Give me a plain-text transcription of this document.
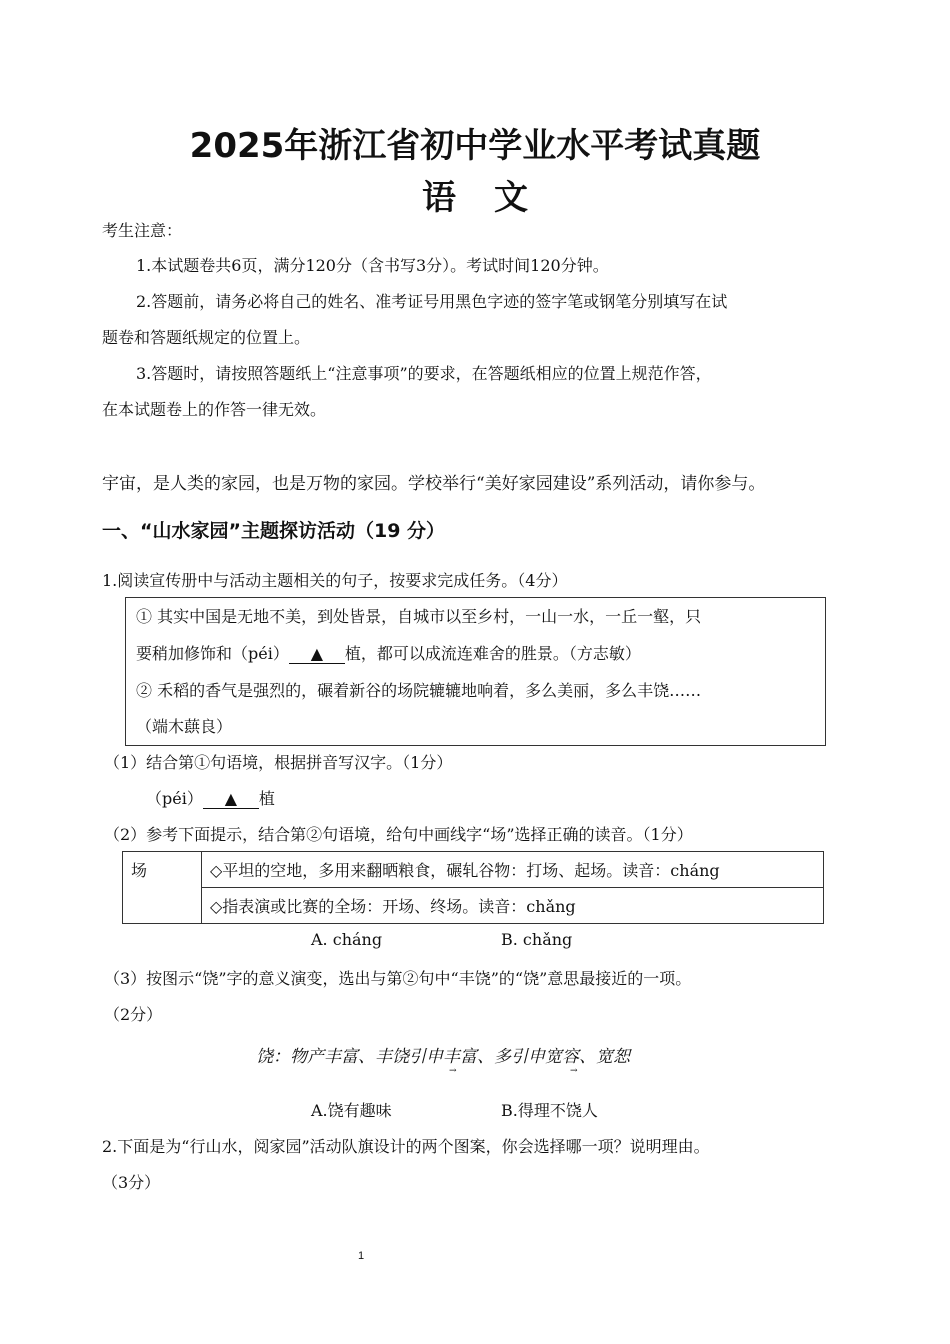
2025年浙江省初中学业水平考试真题
语文
考生注意：
1.本试题卷共6页，满分120分（含书写3分）。考试时间120分钟。
2.答题前，请务必将自己的姓名、准考证号用黑色字迹的签字笔或钢笔分别填写在试
题卷和答题纸规定的位置上。
3.答题时，请按照答题纸上“注意事项”的要求，在答题纸相应的位置上规范作答，
在本试题卷上的作答一律无效。
宇宙，是人类的家园，也是万物的家园。学校举行“美好家园建设”系列活动，请你参与。
一、“山水家园”主题探访活动（19 分）
1.阅读宣传册中与活动主题相关的句子，按要求完成任务。（4分）
① 其实中国是无地不美，到处皆景，自城市以至乡村，一山一水，一丘一壑，只
要稍加修饰和（péi） ▲ 植，都可以成流连难舍的胜景。（方志敏）
② 禾稻的香气是强烈的，碾着新谷的场院辘辘地响着，多么美丽，多么丰饶……
（端木蕻良）
（1）结合第①句语境，根据拼音写汉字。（1分）
（péi） ▲ 植
（2）参考下面提示，结合第②句语境，给句中画线字“场”选择正确的读音。（1分）
场	◇平坦的空地，多用来翻晒粮食，碾轧谷物：打场、起场。读音：cháng
◇指表演或比赛的全场：开场、终场。读音：chǎng
A. cháng	B. chǎng
（3）按图示“饶”字的意义演变，选出与第②句中“丰饶”的“饶”意思最接近的一项。
（2分）
饶：物产丰富、丰饶引申丰富、多引申宽容、宽恕
→	→
A.饶有趣味	B.得理不饶人
2.下面是为“行山水，阅家园”活动队旗设计的两个图案，你会选择哪一项？说明理由。
（3分）
1
